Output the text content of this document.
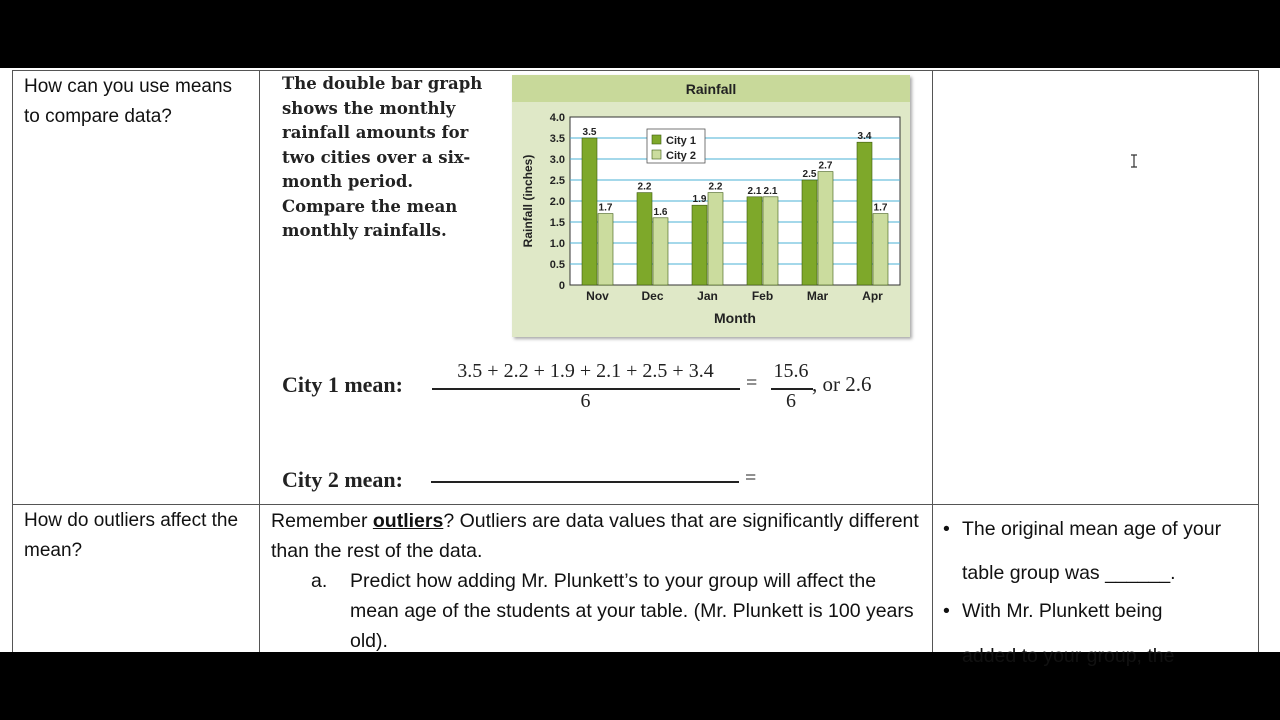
How can you use means to compare data?
The double bar graph shows the monthly rainfall amounts for two cities over a six-month period. Compare the mean monthly rainfalls.
City 1 mean:
3.5 + 2.2 + 1.9 + 2.1 + 2.5 + 3.4
6
=
15.6
6
, or 2.6
City 2 mean:	=
How do outliers affect the mean?
Remember outliers? Outliers are data values that are significantly different than the rest of the data.
a. Predict how adding Mr. Plunkett’s to your group will affect the mean age of the students at your table. (Mr. Plunkett is 100 years old).
• The original mean age of your table group was ______.
• With Mr. Plunkett being
added to your group, the
Rainfall
0
0.5
1.0
1.5
2.0
2.5
3.0
3.5
4.0
Rainfall (inches)
3.5
1.7
Nov
2.2
1.6
Dec
1.9
2.2
Jan
2.1 2.1
Feb
2.5
2.7
Mar
3.4
1.7
Apr
Month
City 1
City 2
